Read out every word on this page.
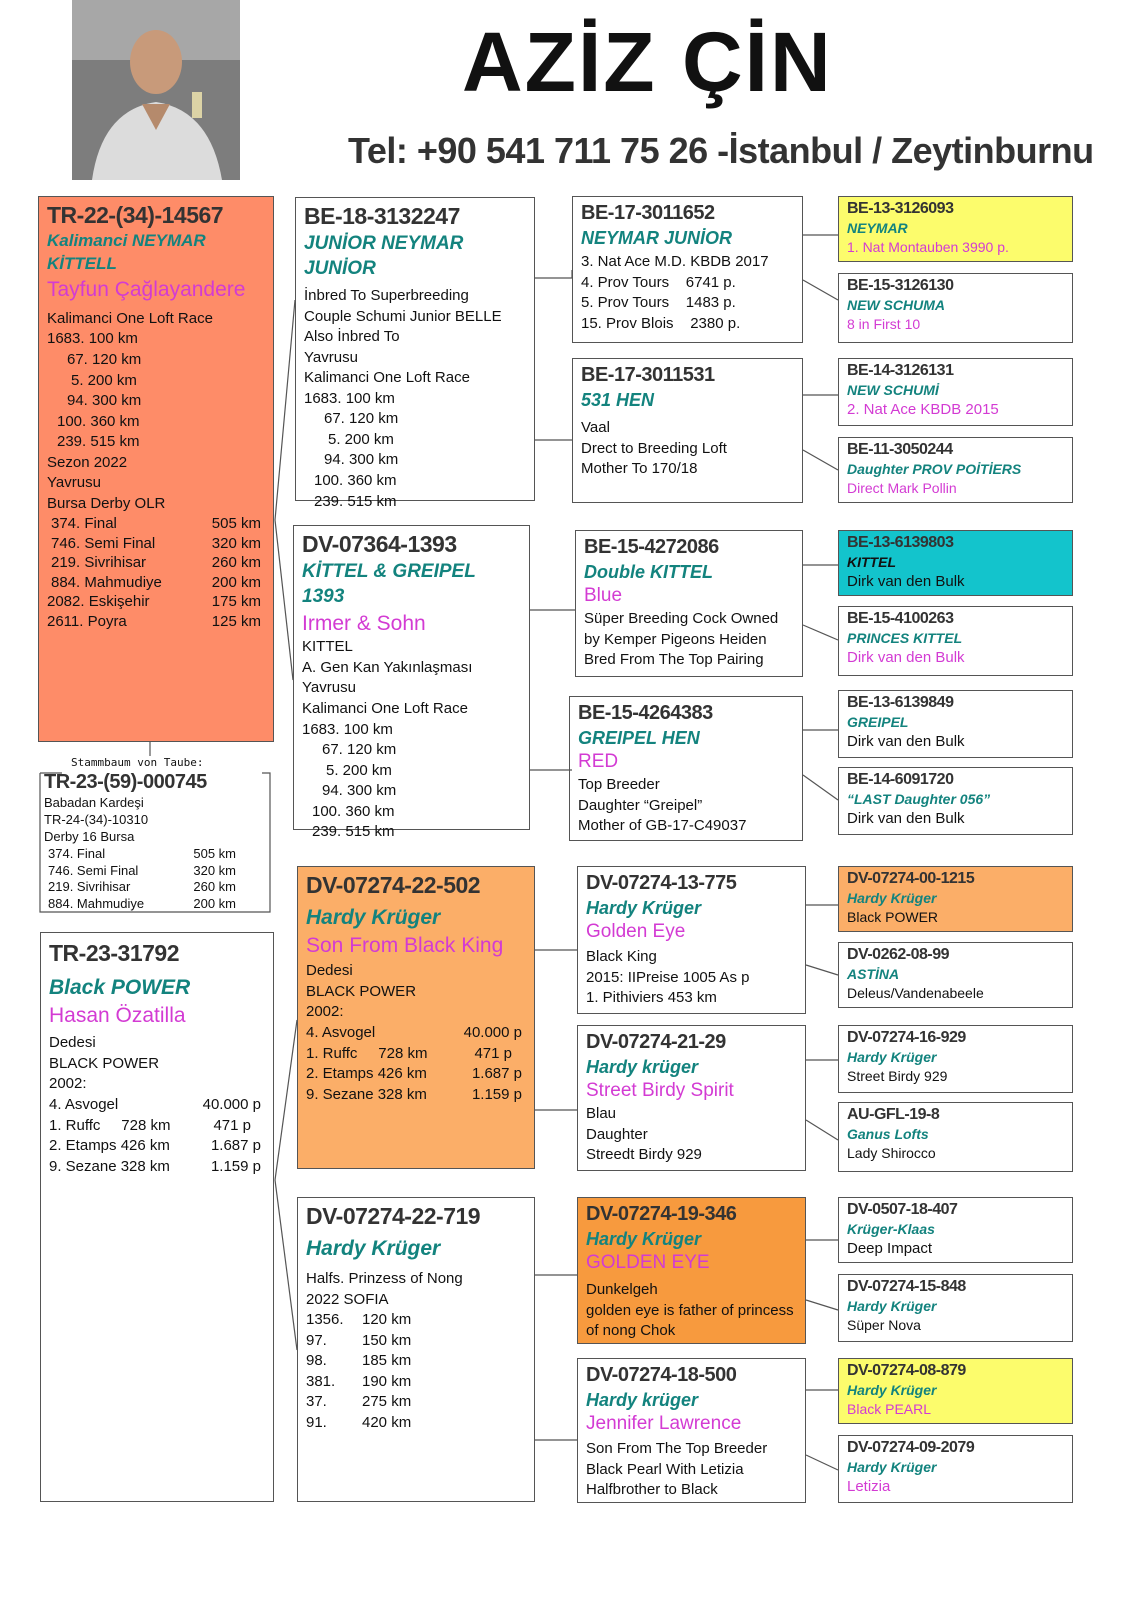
AZİZ ÇİN
Tel: +90 541 711 75 26 -İstanbul / Zeytinburnu
TR-22-(34)-14567
Kalimanci NEYMAR KİTTELL
Tayfun Çağlayandere
Kalimanci One Loft Race
1683. 100 km
67. 120 km
5. 200 km
94. 300 km
100. 360 km
239. 515 km
Sezon 2022
Yavrusu
Bursa Derby OLR
374. Final	505 km
746. Semi Final	320 km
219. Sivrihisar	260 km
884. Mahmudiye	200 km
2082. Eskişehir	175 km
2611. Poyra	125 km
Stammbaum von Taube:
TR-23-(59)-000745
Babadan Kardeşi
TR-24-(34)-10310
Derby 16 Bursa
374. Final	505 km
746. Semi Final	320 km
219. Sivrihisar	260 km
884. Mahmudiye	200 km
TR-23-31792
Black POWER
Hasan Özatilla
Dedesi
BLACK POWER
2002:
4. Asvogel	40.000 p
1. Ruffc     728 km	471 p
2. Etamps 426 km	1.687 p
9. Sezane 328 km	1.159 p
BE-18-3132247
JUNİOR NEYMAR JUNİOR
İnbred To Superbreeding
Couple Schumi Junior BELLE
Also İnbred To
Yavrusu
Kalimanci One Loft Race
1683. 100 km
67. 120 km
5. 200 km
94. 300 km
100. 360 km
239. 515 km
DV-07364-1393
KİTTEL & GREIPEL 1393
Irmer & Sohn
KITTEL
A. Gen Kan Yakınlaşması
Yavrusu
Kalimanci One Loft Race
1683. 100 km
67. 120 km
5. 200 km
94. 300 km
100. 360 km
239. 515 km
DV-07274-22-502
Hardy Krüger
Son From Black King
Dedesi
BLACK POWER
2002:
4. Asvogel	40.000 p
1. Ruffc     728 km	471 p
2. Etamps 426 km	1.687 p
9. Sezane 328 km	1.159 p
DV-07274-22-719
Hardy Krüger
Halfs. Prinzess of Nong
2022 SOFIA
1356.	120 km
97.	150 km
98.	185 km
381.	190 km
37.	275 km
91.	420 km
BE-17-3011652
NEYMAR JUNİOR
3. Nat Ace M.D. KBDB 2017
4. Prov Tours    6741 p.
5. Prov Tours    1483 p.
15. Prov Blois    2380 p.
BE-17-3011531
531 HEN
Vaal
Drect to Breeding Loft
Mother To 170/18
BE-15-4272086
Double KITTEL
Blue
Süper Breeding Cock Owned
by Kemper Pigeons Heiden
Bred From The Top Pairing
BE-15-4264383
GREIPEL HEN
RED
Top Breeder
Daughter “Greipel”
Mother of GB-17-C49037
DV-07274-13-775
Hardy Krüger
Golden Eye
Black King
2015: IIPreise 1005 As p
1. Pithiviers 453 km
DV-07274-21-29
Hardy krüger
Street Birdy Spirit
Blau
Daughter
Streedt Birdy 929
DV-07274-19-346
Hardy Krüger
GOLDEN EYE
Dunkelgeh
golden eye is father of princess
of nong Chok
DV-07274-18-500
Hardy krüger
Jennifer Lawrence
Son From The Top Breeder
Black Pearl With Letizia
Halfbrother to Black
BE-13-3126093
NEYMAR
1. Nat Montauben 3990 p.
BE-15-3126130
NEW SCHUMA
8 in First 10
BE-14-3126131
NEW SCHUMİ
2. Nat Ace KBDB 2015
BE-11-3050244
Daughter PROV POİTİERS
Direct Mark Pollin
BE-13-6139803
KITTEL
Dirk van den Bulk
BE-15-4100263
PRINCES KITTEL
Dirk van den Bulk
BE-13-6139849
GREIPEL
Dirk van den Bulk
BE-14-6091720
“LAST Daughter 056”
Dirk van den Bulk
DV-07274-00-1215
Hardy Krüger
Black POWER
DV-0262-08-99
ASTİNA
Deleus/Vandenabeele
DV-07274-16-929
Hardy Krüger
Street Birdy 929
AU-GFL-19-8
Ganus Lofts
Lady Shirocco
DV-0507-18-407
Krüger-Klaas
Deep Impact
DV-07274-15-848
Hardy Krüger
Süper Nova
DV-07274-08-879
Hardy Krüger
Black PEARL
DV-07274-09-2079
Hardy Krüger
Letizia
